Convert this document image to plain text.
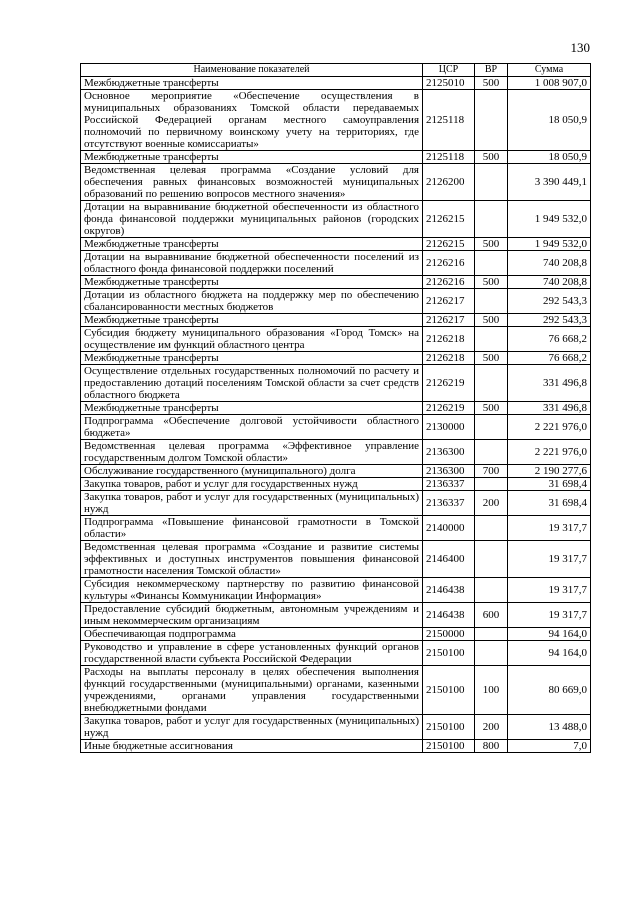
130
Наименование показателей	ЦСР	ВР	Сумма
Межбюджетные трансферты	2125010	500	1 008 907,0
Основное мероприятие «Обеспечение осуществления в муниципальных образованиях Томской области передаваемых Российской Федерацией органам местного самоуправления полномочий по первичному воинскому учету на территориях, где отсутствуют военные комиссариаты»	2125118		18 050,9
Межбюджетные трансферты	2125118	500	18 050,9
Ведомственная целевая программа «Создание условий для обеспечения равных финансовых возможностей муниципальных образований по решению вопросов местного значения»	2126200		3 390 449,1
Дотации на выравнивание бюджетной обеспеченности из областного фонда финансовой поддержки муниципальных районов (городских округов)	2126215		1 949 532,0
Межбюджетные трансферты	2126215	500	1 949 532,0
Дотации на выравнивание бюджетной обеспеченности поселений из областного фонда финансовой поддержки поселений	2126216		740 208,8
Межбюджетные трансферты	2126216	500	740 208,8
Дотации из областного бюджета на поддержку мер по обеспечению сбалансированности местных бюджетов	2126217		292 543,3
Межбюджетные трансферты	2126217	500	292 543,3
Субсидия бюджету муниципального образования «Город Томск» на осуществление им функций областного центра	2126218		76 668,2
Межбюджетные трансферты	2126218	500	76 668,2
Осуществление отдельных государственных полномочий по расчету и предоставлению дотаций поселениям Томской области за счет средств областного бюджета	2126219		331 496,8
Межбюджетные трансферты	2126219	500	331 496,8
Подпрограмма «Обеспечение долговой устойчивости областного бюджета»	2130000		2 221 976,0
Ведомственная целевая программа «Эффективное управление государственным долгом Томской области»	2136300		2 221 976,0
Обслуживание государственного (муниципального) долга	2136300	700	2 190 277,6
Закупка товаров, работ и услуг для государственных нужд	2136337		31 698,4
Закупка товаров, работ и услуг для государственных (муниципальных) нужд	2136337	200	31 698,4
Подпрограмма «Повышение финансовой грамотности в Томской области»	2140000		19 317,7
Ведомственная целевая программа «Создание и развитие системы эффективных и доступных инструментов повышения финансовой грамотности населения Томской области»	2146400		19 317,7
Субсидия некоммерческому партнерству по развитию финансовой культуры «Финансы Коммуникации Информация»	2146438		19 317,7
Предоставление субсидий бюджетным, автономным учреждениям и иным некоммерческим организациям	2146438	600	19 317,7
Обеспечивающая подпрограмма	2150000		94 164,0
Руководство и управление в сфере установленных функций органов государственной власти субъекта Российской Федерации	2150100		94 164,0
Расходы на выплаты персоналу в целях обеспечения выполнения функций государственными (муниципальными) органами, казенными учреждениями, органами управления государственными внебюджетными фондами	2150100	100	80 669,0
Закупка товаров, работ и услуг для государственных (муниципальных) нужд	2150100	200	13 488,0
Иные бюджетные ассигнования	2150100	800	7,0
